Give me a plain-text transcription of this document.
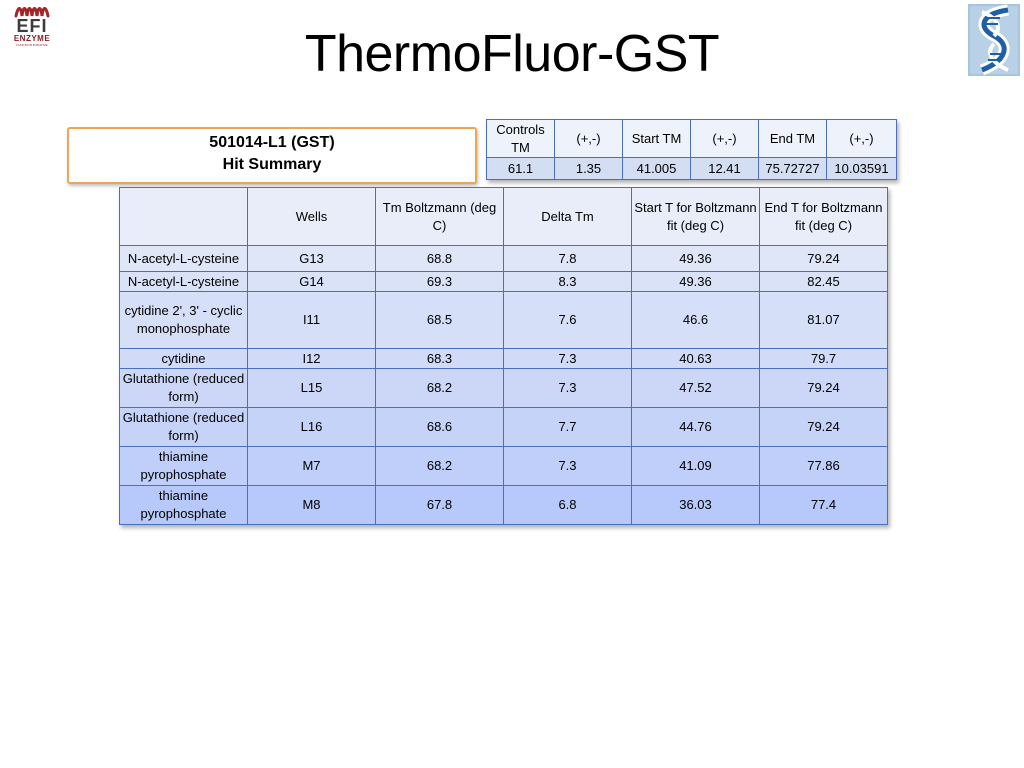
EFI
ENZYME
FUNCTION INITIATIVE	ThermoFluor-GST
501014-L1 (GST)
Hit Summary
Controls TM	(+,-)	Start TM	(+,-)	End TM	(+,-)
61.1	1.35	41.005	12.41	75.72727	10.03591
	Wells	Tm Boltzmann (deg C)	Delta Tm	Start T for Boltzmann fit (deg C)	End T for Boltzmann fit (deg C)
N-acetyl-L-cysteine	G13	68.8	7.8	49.36	79.24
N-acetyl-L-cysteine	G14	69.3	8.3	49.36	82.45
cytidine 2', 3' - cyclic monophosphate	I11	68.5	7.6	46.6	81.07
cytidine	I12	68.3	7.3	40.63	79.7
Glutathione (reduced form)	L15	68.2	7.3	47.52	79.24
Glutathione (reduced form)	L16	68.6	7.7	44.76	79.24
thiamine pyrophosphate	M7	68.2	7.3	41.09	77.86
thiamine pyrophosphate	M8	67.8	6.8	36.03	77.4
